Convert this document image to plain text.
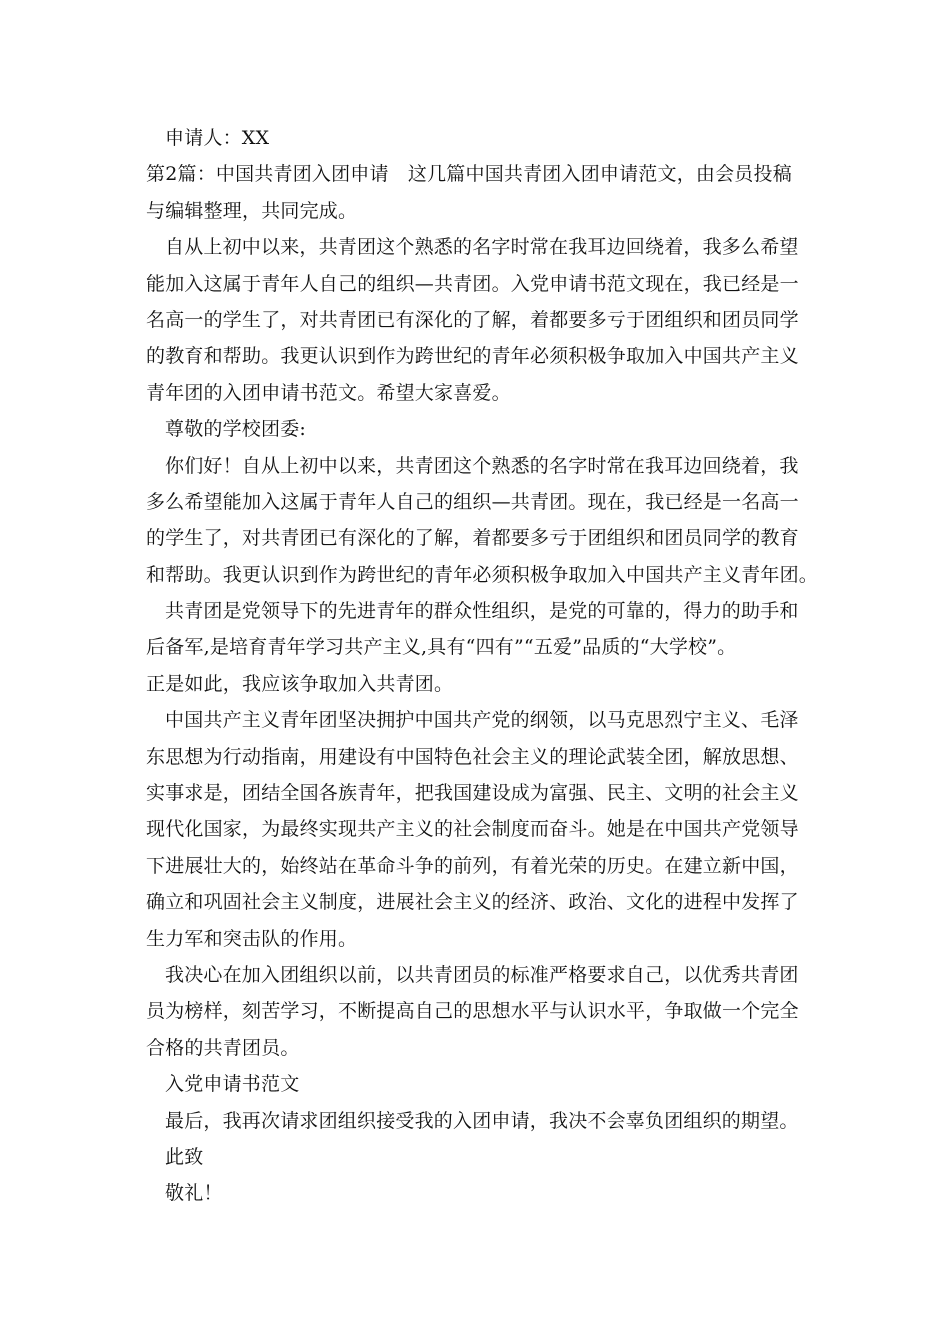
申请人：XX
第2篇：中国共青团入团申请　这几篇中国共青团入团申请范文，由会员投稿
与编辑整理，共同完成。
自从上初中以来，共青团这个熟悉的名字时常在我耳边回绕着，我多么希望
能加入这属于青年人自己的组织—共青团。入党申请书范文现在，我已经是一
名高一的学生了，对共青团已有深化的了解，着都要多亏于团组织和团员同学
的教育和帮助。我更认识到作为跨世纪的青年必须积极争取加入中国共产主义
青年团的入团申请书范文。希望大家喜爱。
尊敬的学校团委:
你们好！自从上初中以来，共青团这个熟悉的名字时常在我耳边回绕着，我
多么希望能加入这属于青年人自己的组织—共青团。现在，我已经是一名高一
的学生了，对共青团已有深化的了解，着都要多亏于团组织和团员同学的教育
和帮助。我更认识到作为跨世纪的青年必须积极争取加入中国共产主义青年团。
共青团是党领导下的先进青年的群众性组织，是党的可靠的，得力的助手和
后备军,是培育青年学习共产主义,具有“四有”“五爱”品质的“大学校”。
正是如此，我应该争取加入共青团。
中国共产主义青年团坚决拥护中国共产党的纲领，以马克思烈宁主义、毛泽
东思想为行动指南，用建设有中国特色社会主义的理论武装全团，解放思想、
实事求是，团结全国各族青年，把我国建设成为富强、民主、文明的社会主义
现代化国家，为最终实现共产主义的社会制度而奋斗。她是在中国共产党领导
下进展壮大的，始终站在革命斗争的前列，有着光荣的历史。在建立新中国，
确立和巩固社会主义制度，进展社会主义的经济、政治、文化的进程中发挥了
生力军和突击队的作用。
我决心在加入团组织以前，以共青团员的标准严格要求自己，以优秀共青团
员为榜样，刻苦学习，不断提高自己的思想水平与认识水平，争取做一个完全
合格的共青团员。
入党申请书范文
最后，我再次请求团组织接受我的入团申请，我决不会辜负团组织的期望。
此致
敬礼！
